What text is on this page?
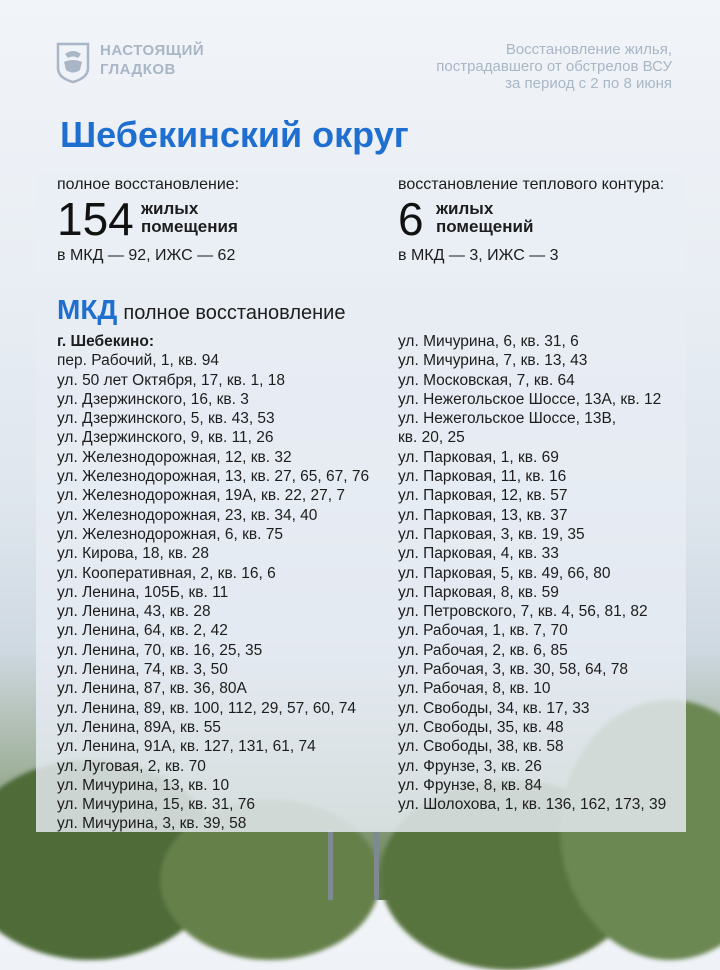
НАСТОЯЩИЙ
ГЛАДКОВ
Восстановление жилья,
пострадавшего от обстрелов ВСУ
за период с 2 по 8 июня
Шебекинский округ
полное восстановление:
154 жилых
помещения
в МКД — 92, ИЖС — 62
восстановление теплового контура:
6 жилых
помещений
в МКД — 3, ИЖС — 3
МКД полное восстановление
г. Шебекино:
пер. Рабочий, 1, кв. 94
ул. 50 лет Октября, 17, кв. 1, 18
ул. Дзержинского, 16, кв. 3
ул. Дзержинского, 5, кв. 43, 53
ул. Дзержинского, 9, кв. 11, 26
ул. Железнодорожная, 12, кв. 32
ул. Железнодорожная, 13, кв. 27, 65, 67, 76
ул. Железнодорожная, 19А, кв. 22, 27, 7
ул. Железнодорожная, 23, кв. 34, 40
ул. Железнодорожная, 6, кв. 75
ул. Кирова, 18, кв. 28
ул. Кооперативная, 2, кв. 16, 6
ул. Ленина, 105Б, кв. 11
ул. Ленина, 43, кв. 28
ул. Ленина, 64, кв. 2, 42
ул. Ленина, 70, кв. 16, 25, 35
ул. Ленина, 74, кв. 3, 50
ул. Ленина, 87, кв. 36, 80А
ул. Ленина, 89, кв. 100, 112, 29, 57, 60, 74
ул. Ленина, 89А, кв. 55
ул. Ленина, 91А, кв. 127, 131, 61, 74
ул. Луговая, 2, кв. 70
ул. Мичурина, 13, кв. 10
ул. Мичурина, 15, кв. 31, 76
ул. Мичурина, 3, кв. 39, 58
ул. Мичурина, 6, кв. 31, 6
ул. Мичурина, 7, кв. 13, 43
ул. Московская, 7, кв. 64
ул. Нежегольское Шоссе, 13А, кв. 12
ул. Нежегольское Шоссе, 13В,
кв. 20, 25
ул. Парковая, 1, кв. 69
ул. Парковая, 11, кв. 16
ул. Парковая, 12, кв. 57
ул. Парковая, 13, кв. 37
ул. Парковая, 3, кв. 19, 35
ул. Парковая, 4, кв. 33
ул. Парковая, 5, кв. 49, 66, 80
ул. Парковая, 8, кв. 59
ул. Петровского, 7, кв. 4, 56, 81, 82
ул. Рабочая, 1, кв. 7, 70
ул. Рабочая, 2, кв. 6, 85
ул. Рабочая, 3, кв. 30, 58, 64, 78
ул. Рабочая, 8, кв. 10
ул. Свободы, 34, кв. 17, 33
ул. Свободы, 35, кв. 48
ул. Свободы, 38, кв. 58
ул. Фрунзе, 3, кв. 26
ул. Фрунзе, 8, кв. 84
ул. Шолохова, 1, кв. 136, 162, 173, 39
